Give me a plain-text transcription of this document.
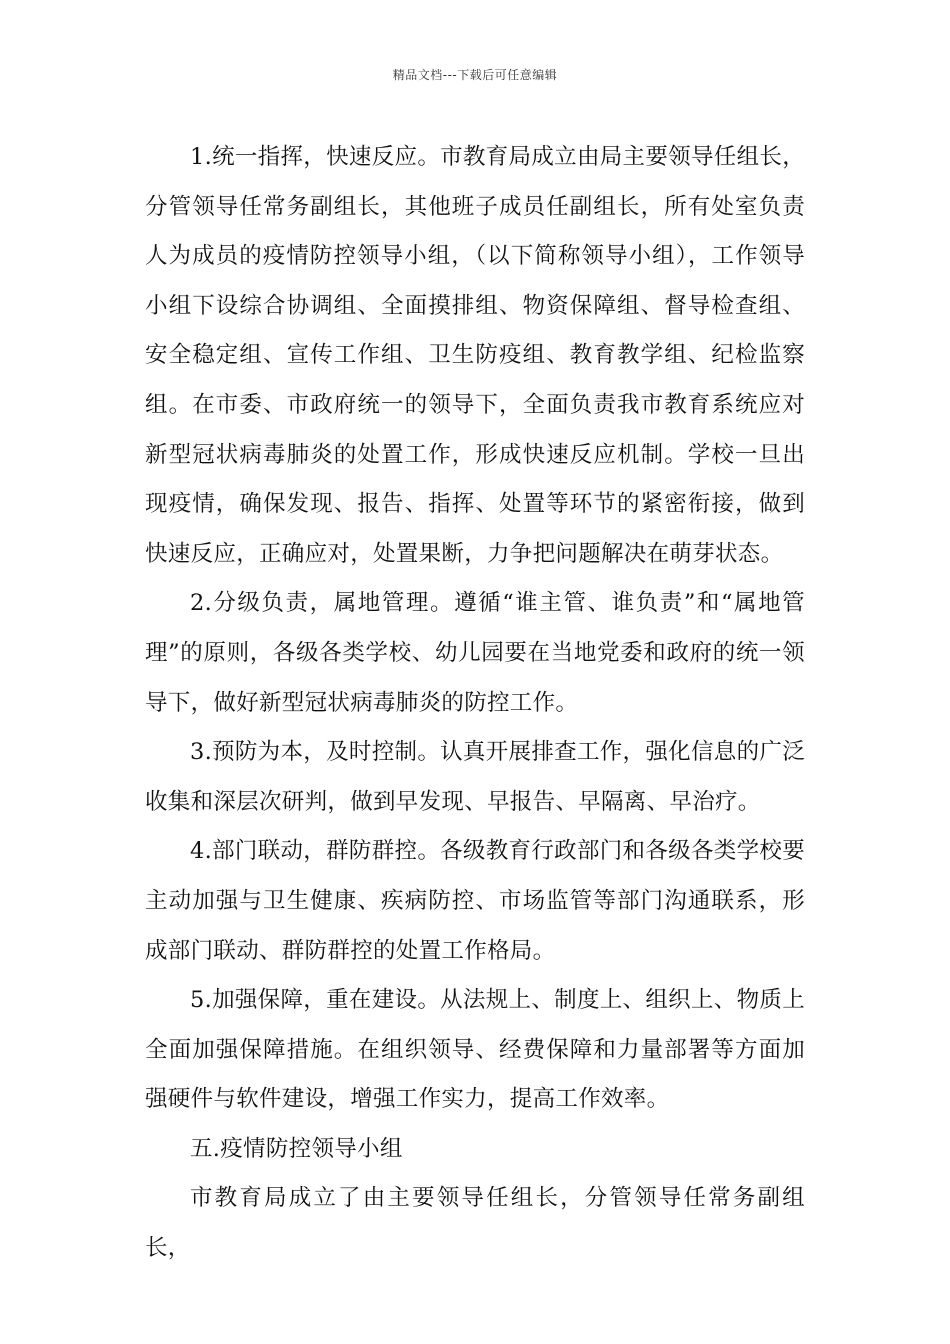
精品文档---下载后可任意编辑

1.统一指挥，快速反应。市教育局成立由局主要领导任组长，分管领导任常务副组长，其他班子成员任副组长，所有处室负责人为成员的疫情防控领导小组，（以下简称领导小组），工作领导小组下设综合协调组、全面摸排组、物资保障组、督导检查组、安全稳定组、宣传工作组、卫生防疫组、教育教学组、纪检监察组。在市委、市政府统一的领导下，全面负责我市教育系统应对新型冠状病毒肺炎的处置工作，形成快速反应机制。学校一旦出现疫情，确保发现、报告、指挥、处置等环节的紧密衔接，做到快速反应，正确应对，处置果断，力争把问题解决在萌芽状态。

2.分级负责，属地管理。遵循“谁主管、谁负责”和“属地管理”的原则，各级各类学校、幼儿园要在当地党委和政府的统一领导下，做好新型冠状病毒肺炎的防控工作。

3.预防为本，及时控制。认真开展排查工作，强化信息的广泛收集和深层次研判，做到早发现、早报告、早隔离、早治疗。

4.部门联动，群防群控。各级教育行政部门和各级各类学校要主动加强与卫生健康、疾病防控、市场监管等部门沟通联系，形成部门联动、群防群控的处置工作格局。

5.加强保障，重在建设。从法规上、制度上、组织上、物质上全面加强保障措施。在组织领导、经费保障和力量部署等方面加强硬件与软件建设，增强工作实力，提高工作效率。

五.疫情防控领导小组

市教育局成立了由主要领导任组长，分管领导任常务副组长，
